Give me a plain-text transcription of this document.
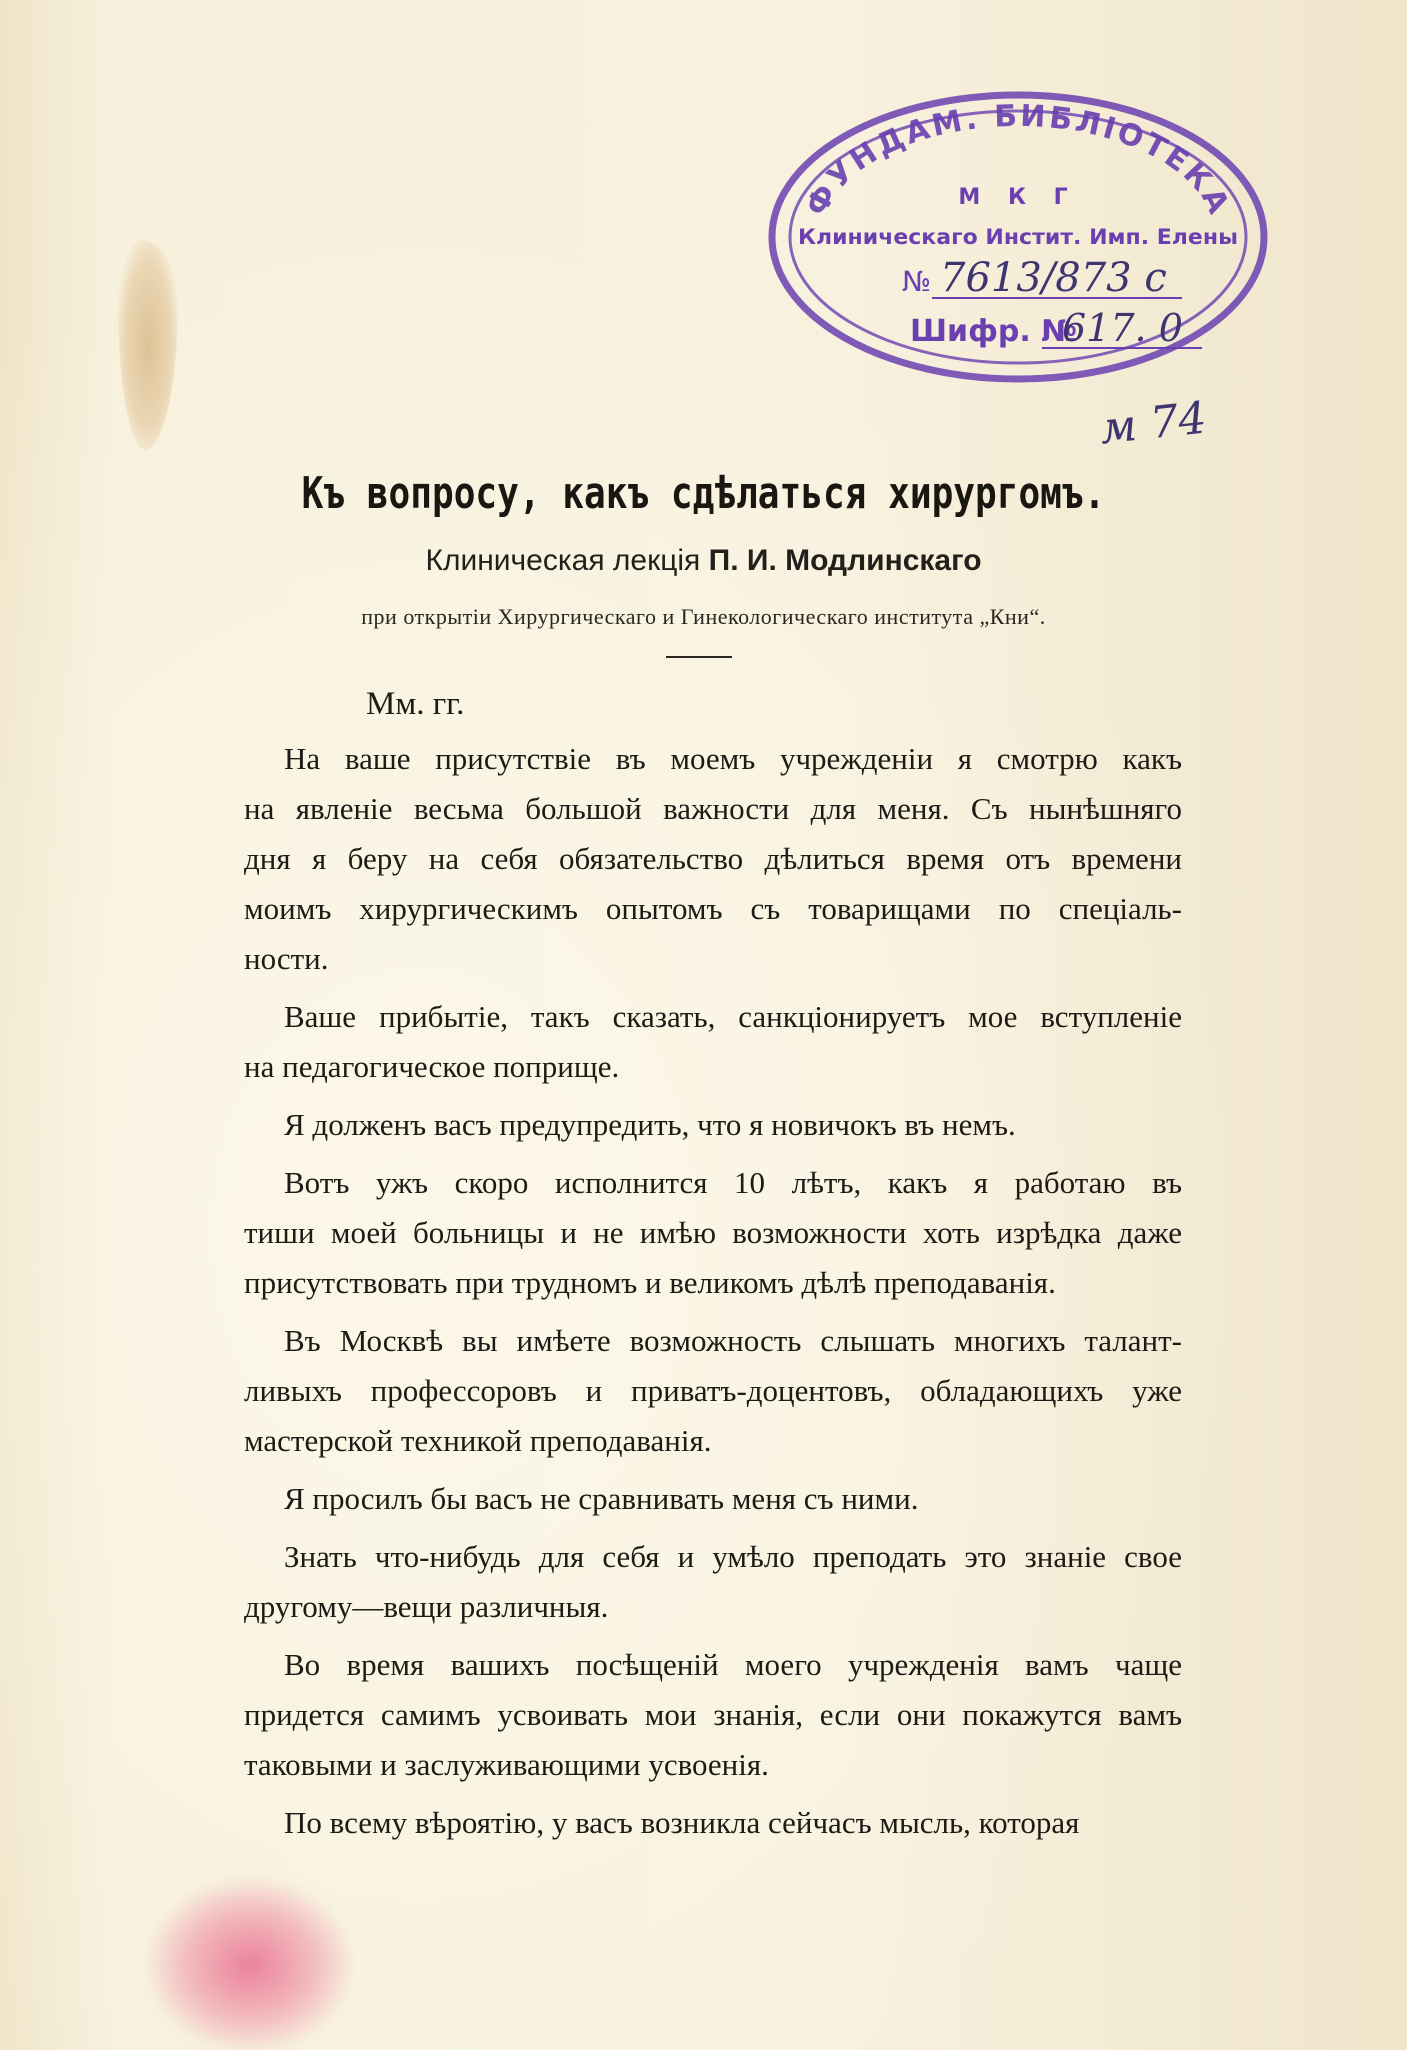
ФУНДАМ. БИБЛІОТЕКА
М К Г
Клиническаго Инстит. Имп. Елены
№ 7613/873 с
Шифр. №
617. 0
м 74
Къ вопросу, какъ сдѣлаться хирургомъ.
Клиническая лекція П. И. Модлинскаго
при открытіи Хирургическаго и Гинекологическаго института „Кни“.
Мм. гг.
На ваше присутствіе въ моемъ учрежденіи я смотрю какъ
на явленіе весьма большой важности для меня. Съ нынѣшняго
дня я беру на себя обязательство дѣлиться время отъ времени
моимъ хирургическимъ опытомъ съ товарищами по спеціаль-
ности.
Ваше прибытіе, такъ сказать, санкціонируетъ мое вступленіе
на педагогическое поприще.
Я долженъ васъ предупредить, что я новичокъ въ немъ.
Вотъ ужъ скоро исполнится 10 лѣтъ, какъ я работаю въ
тиши моей больницы и не имѣю возможности хоть изрѣдка даже
присутствовать при трудномъ и великомъ дѣлѣ преподаванія.
Въ Москвѣ вы имѣете возможность слышать многихъ талант-
ливыхъ профессоровъ и приватъ-доцентовъ, обладающихъ уже
мастерской техникой преподаванія.
Я просилъ бы васъ не сравнивать меня съ ними.
Знать что-нибудь для себя и умѣло преподать это знаніе свое
другому—вещи различныя.
Во время вашихъ посѣщеній моего учрежденія вамъ чаще
придется самимъ усвоивать мои знанія, если они покажутся вамъ
таковыми и заслуживающими усвоенія.
По всему вѣроятію, у васъ возникла сейчасъ мысль, которая
